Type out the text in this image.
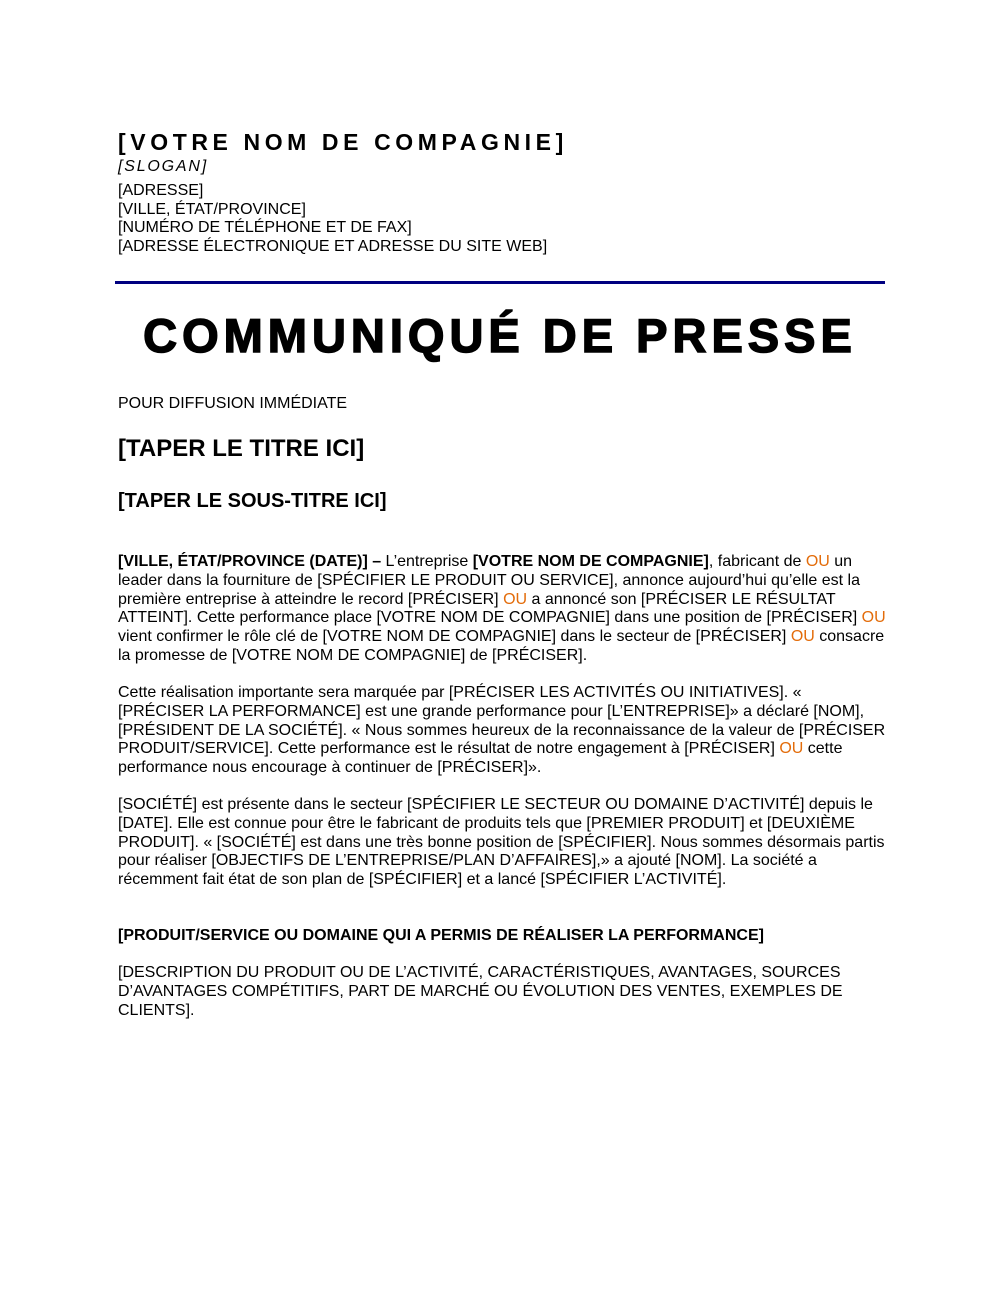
[VOTRE NOM DE COMPAGNIE]
[SLOGAN]
[ADRESSE]
[VILLE, ÉTAT/PROVINCE]
[NUMÉRO DE TÉLÉPHONE ET DE FAX]
[ADRESSE ÉLECTRONIQUE ET ADRESSE DU SITE WEB]
COMMUNIQUÉ DE PRESSE
POUR DIFFUSION IMMÉDIATE
[TAPER LE TITRE ICI]
[TAPER LE SOUS-TITRE ICI]
[VILLE, ÉTAT/PROVINCE (DATE)] – L’entreprise [VOTRE NOM DE COMPAGNIE], fabricant de OU un leader dans la fourniture de [SPÉCIFIER LE PRODUIT OU SERVICE], annonce aujourd’hui qu’elle est la première entreprise à atteindre le record [PRÉCISER] OU a annoncé son [PRÉCISER LE RÉSULTAT ATTEINT]. Cette performance place [VOTRE NOM DE COMPAGNIE] dans une position de [PRÉCISER] OU vient confirmer le rôle clé de [VOTRE NOM DE COMPAGNIE] dans le secteur de [PRÉCISER] OU consacre la promesse de [VOTRE NOM DE COMPAGNIE] de [PRÉCISER].
Cette réalisation importante sera marquée par [PRÉCISER LES ACTIVITÉS OU INITIATIVES]. « [PRÉCISER LA PERFORMANCE] est une grande performance pour [L’ENTREPRISE]» a déclaré [NOM], [PRÉSIDENT DE LA SOCIÉTÉ]. « Nous sommes heureux de la reconnaissance de la valeur de [PRÉCISER PRODUIT/SERVICE]. Cette performance est le résultat de notre engagement à [PRÉCISER] OU cette performance nous encourage à continuer de [PRÉCISER]».
[SOCIÉTÉ] est présente dans le secteur [SPÉCIFIER LE SECTEUR OU DOMAINE D’ACTIVITÉ] depuis le [DATE]. Elle est connue pour être le fabricant de produits tels que [PREMIER PRODUIT] et [DEUXIÈME PRODUIT]. « [SOCIÉTÉ] est dans une très bonne position de [SPÉCIFIER]. Nous sommes désormais partis pour réaliser [OBJECTIFS DE L’ENTREPRISE/PLAN D’AFFAIRES],» a ajouté [NOM]. La société a récemment fait état de son plan de [SPÉCIFIER] et a lancé [SPÉCIFIER L’ACTIVITÉ].
[PRODUIT/SERVICE OU DOMAINE QUI A PERMIS DE RÉALISER LA PERFORMANCE]
[DESCRIPTION DU PRODUIT OU DE L’ACTIVITÉ, CARACTÉRISTIQUES, AVANTAGES, SOURCES D’AVANTAGES COMPÉTITIFS, PART DE MARCHÉ OU ÉVOLUTION DES VENTES, EXEMPLES DE CLIENTS].
